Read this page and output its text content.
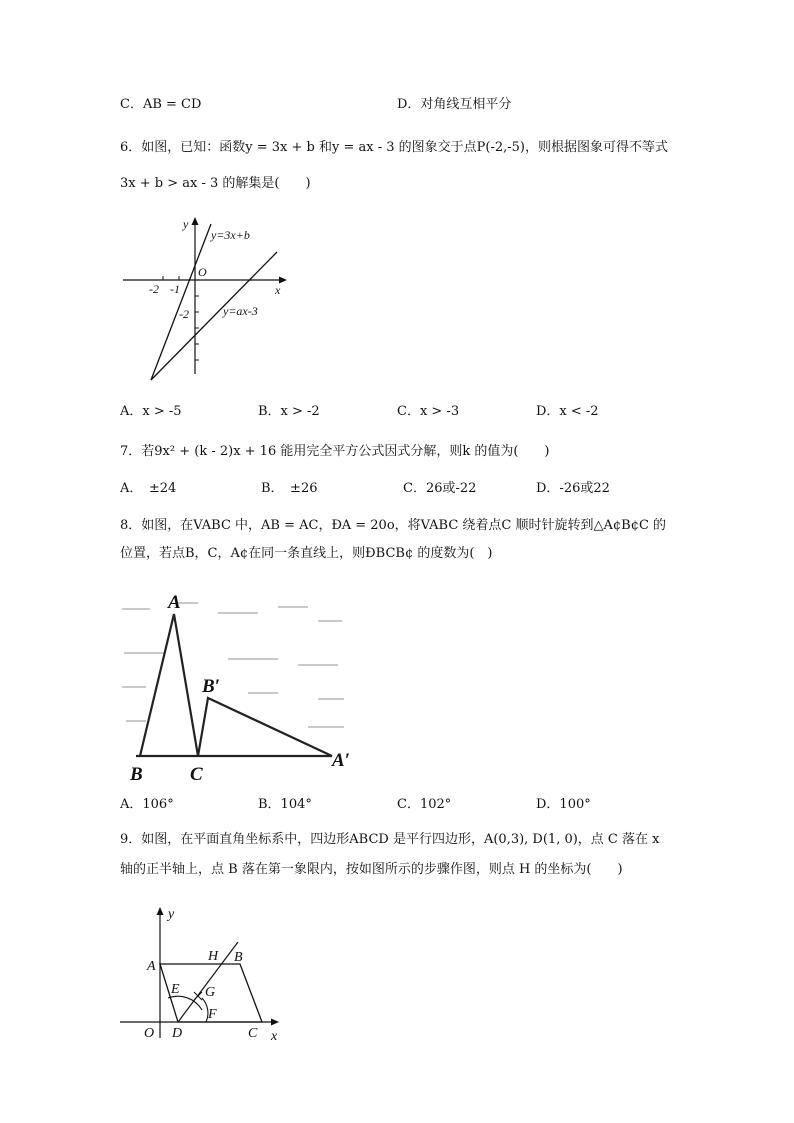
C．AB = CD	D．对角线互相平分
6．如图，已知：函数y = 3x + b 和y = ax - 3 的图象交于点P(-2,-5)，则根据图象可得不等式
3x + b > ax - 3 的解集是(　　)
y
x
O
-2 -1
-2
y=3x+b
y=ax-3
A．x > -5	B．x > -2	C．x > -3	D．x < -2
7．若9x² + (k - 2)x + 16 能用完全平方公式因式分解，则k 的值为(　　)
A．　±24	B．　±26	C．26或-22	D．-26或22
8．如图，在VABC 中，AB = AC，ÐA = 20o，将VABC 绕着点C 顺时针旋转到△A¢B¢C 的
位置，若点B，C，A¢在同一条直线上，则ÐBCB¢ 的度数为(　)
A
B C
B′
A′
A．106°	B．104°	C．102°	D．100°
9．如图，在平面直角坐标系中，四边形ABCD 是平行四边形，A(0,3), D(1, 0)，点 C 落在 x
轴的正半轴上，点 B 落在第一象限内，按如图所示的步骤作图，则点 H 的坐标为(　　)
y
x
O
A
B
C
D
E
F
G
H
